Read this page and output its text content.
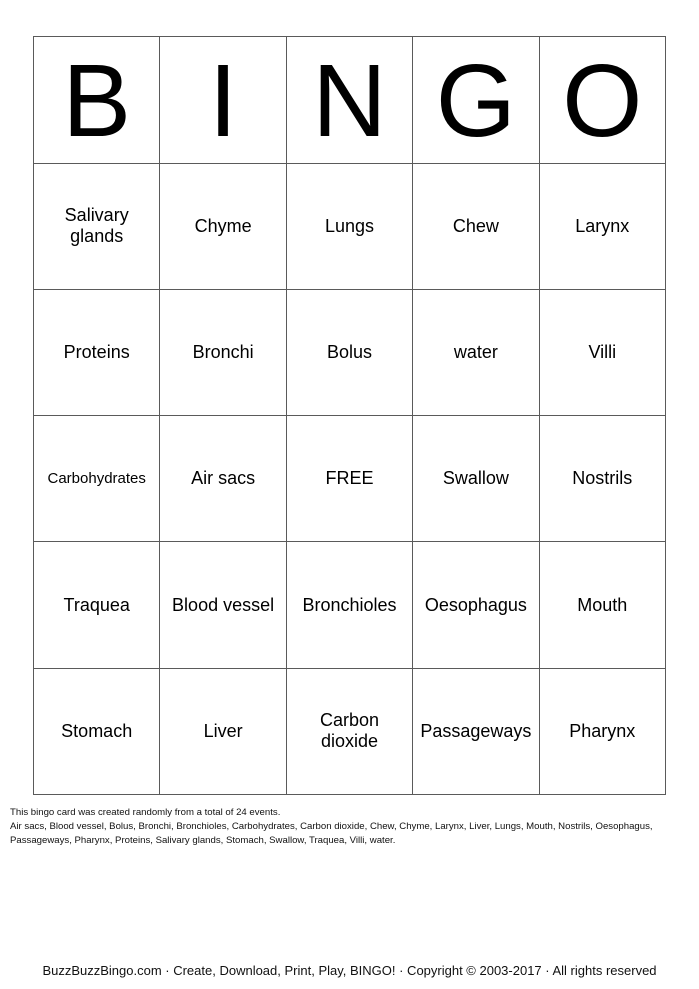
B	I	N	G	O
Salivary glands	Chyme	Lungs	Chew	Larynx
Proteins	Bronchi	Bolus	water	Villi
Carbohydrates	Air sacs	FREE	Swallow	Nostrils
Traquea	Blood vessel	Bronchioles	Oesophagus	Mouth
Stomach	Liver	Carbon dioxide	Passageways	Pharynx

This bingo card was created randomly from a total of 24 events.

Air sacs, Blood vessel, Bolus, Bronchi, Bronchioles, Carbohydrates, Carbon dioxide, Chew, Chyme, Larynx, Liver, Lungs, Mouth, Nostrils, Oesophagus,

Passageways, Pharynx, Proteins, Salivary glands, Stomach, Swallow, Traquea, Villi, water.

BuzzBuzzBingo.com · Create, Download, Print, Play, BINGO! · Copyright © 2003-2017 · All rights reserved
